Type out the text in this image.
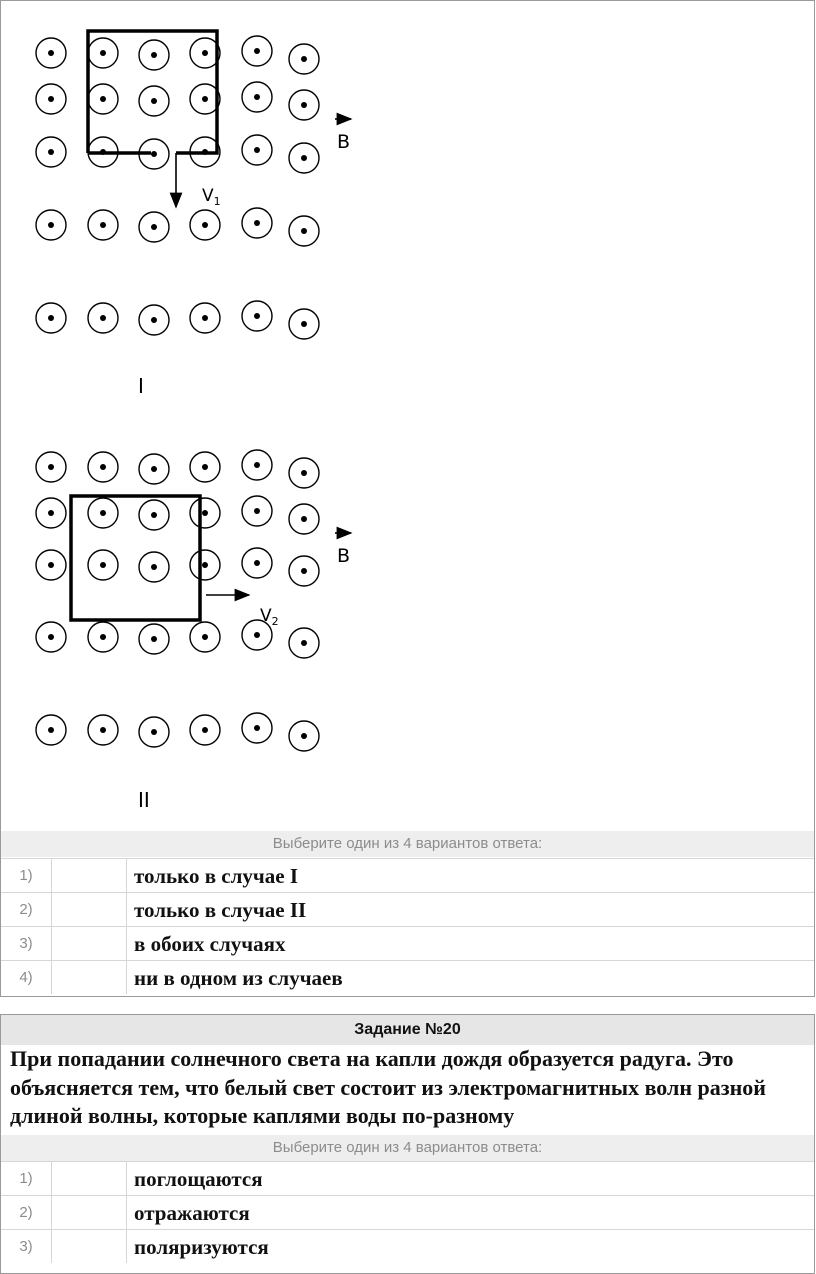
B
$V_1$
I
B
$V_2$
II
Выберите один из 4 вариантов ответа:
1)	только в случае I
2)	только в случае II
3)	в обоих случаях
4)	ни в одном из случаев
Задание №20
При попадании солнечного света на капли дождя образуется радуга. Это объясняется тем, что белый свет состоит из электромагнитных волн разной длиной волны, которые каплями воды по-разному
Выберите один из 4 вариантов ответа:
1)	поглощаются
2)	отражаются
3)	поляризуются
